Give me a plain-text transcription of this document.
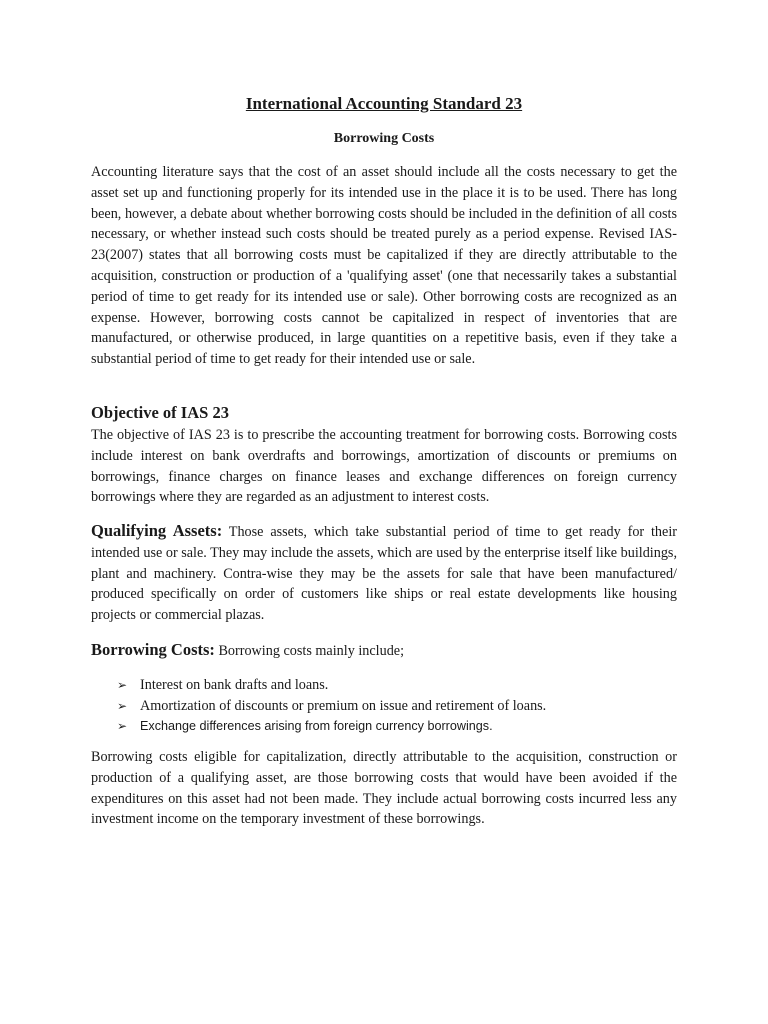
International Accounting Standard 23
Borrowing Costs

Accounting literature says that the cost of an asset should include all the costs necessary to get the asset set up and functioning properly for its intended use in the place it is to be used. There has long been, however, a debate about whether borrowing costs should be included in the definition of all costs necessary, or whether instead such costs should be treated purely as a period expense. Revised IAS-23(2007) states that all borrowing costs must be capitalized if they are directly attributable to the acquisition, construction or production of a 'qualifying asset' (one that necessarily takes a substantial period of time to get ready for its intended use or sale). Other borrowing costs are recognized as an expense. However, borrowing costs cannot be capitalized in respect of inventories that are manufactured, or otherwise produced, in large quantities on a repetitive basis, even if they take a substantial period of time to get ready for their intended use or sale.

Objective of IAS 23

The objective of IAS 23 is to prescribe the accounting treatment for borrowing costs. Borrowing costs include interest on bank overdrafts and borrowings, amortization of discounts or premiums on borrowings, finance charges on finance leases and exchange differences on foreign currency borrowings where they are regarded as an adjustment to interest costs.

Qualifying Assets: Those assets, which take substantial period of time to get ready for their intended use or sale. They may include the assets, which are used by the enterprise itself like buildings, plant and machinery. Contra-wise they may be the assets for sale that have been manufactured/ produced specifically on order of customers like ships or real estate developments like housing projects or commercial plazas.

Borrowing Costs: Borrowing costs mainly include;

➢ Interest on bank drafts and loans.
➢ Amortization of discounts or premium on issue and retirement of loans.
➢ Exchange differences arising from foreign currency borrowings.

Borrowing costs eligible for capitalization, directly attributable to the acquisition, construction or production of a qualifying asset, are those borrowing costs that would have been avoided if the expenditures on this asset had not been made. They include actual borrowing costs incurred less any investment income on the temporary investment of these borrowings.
